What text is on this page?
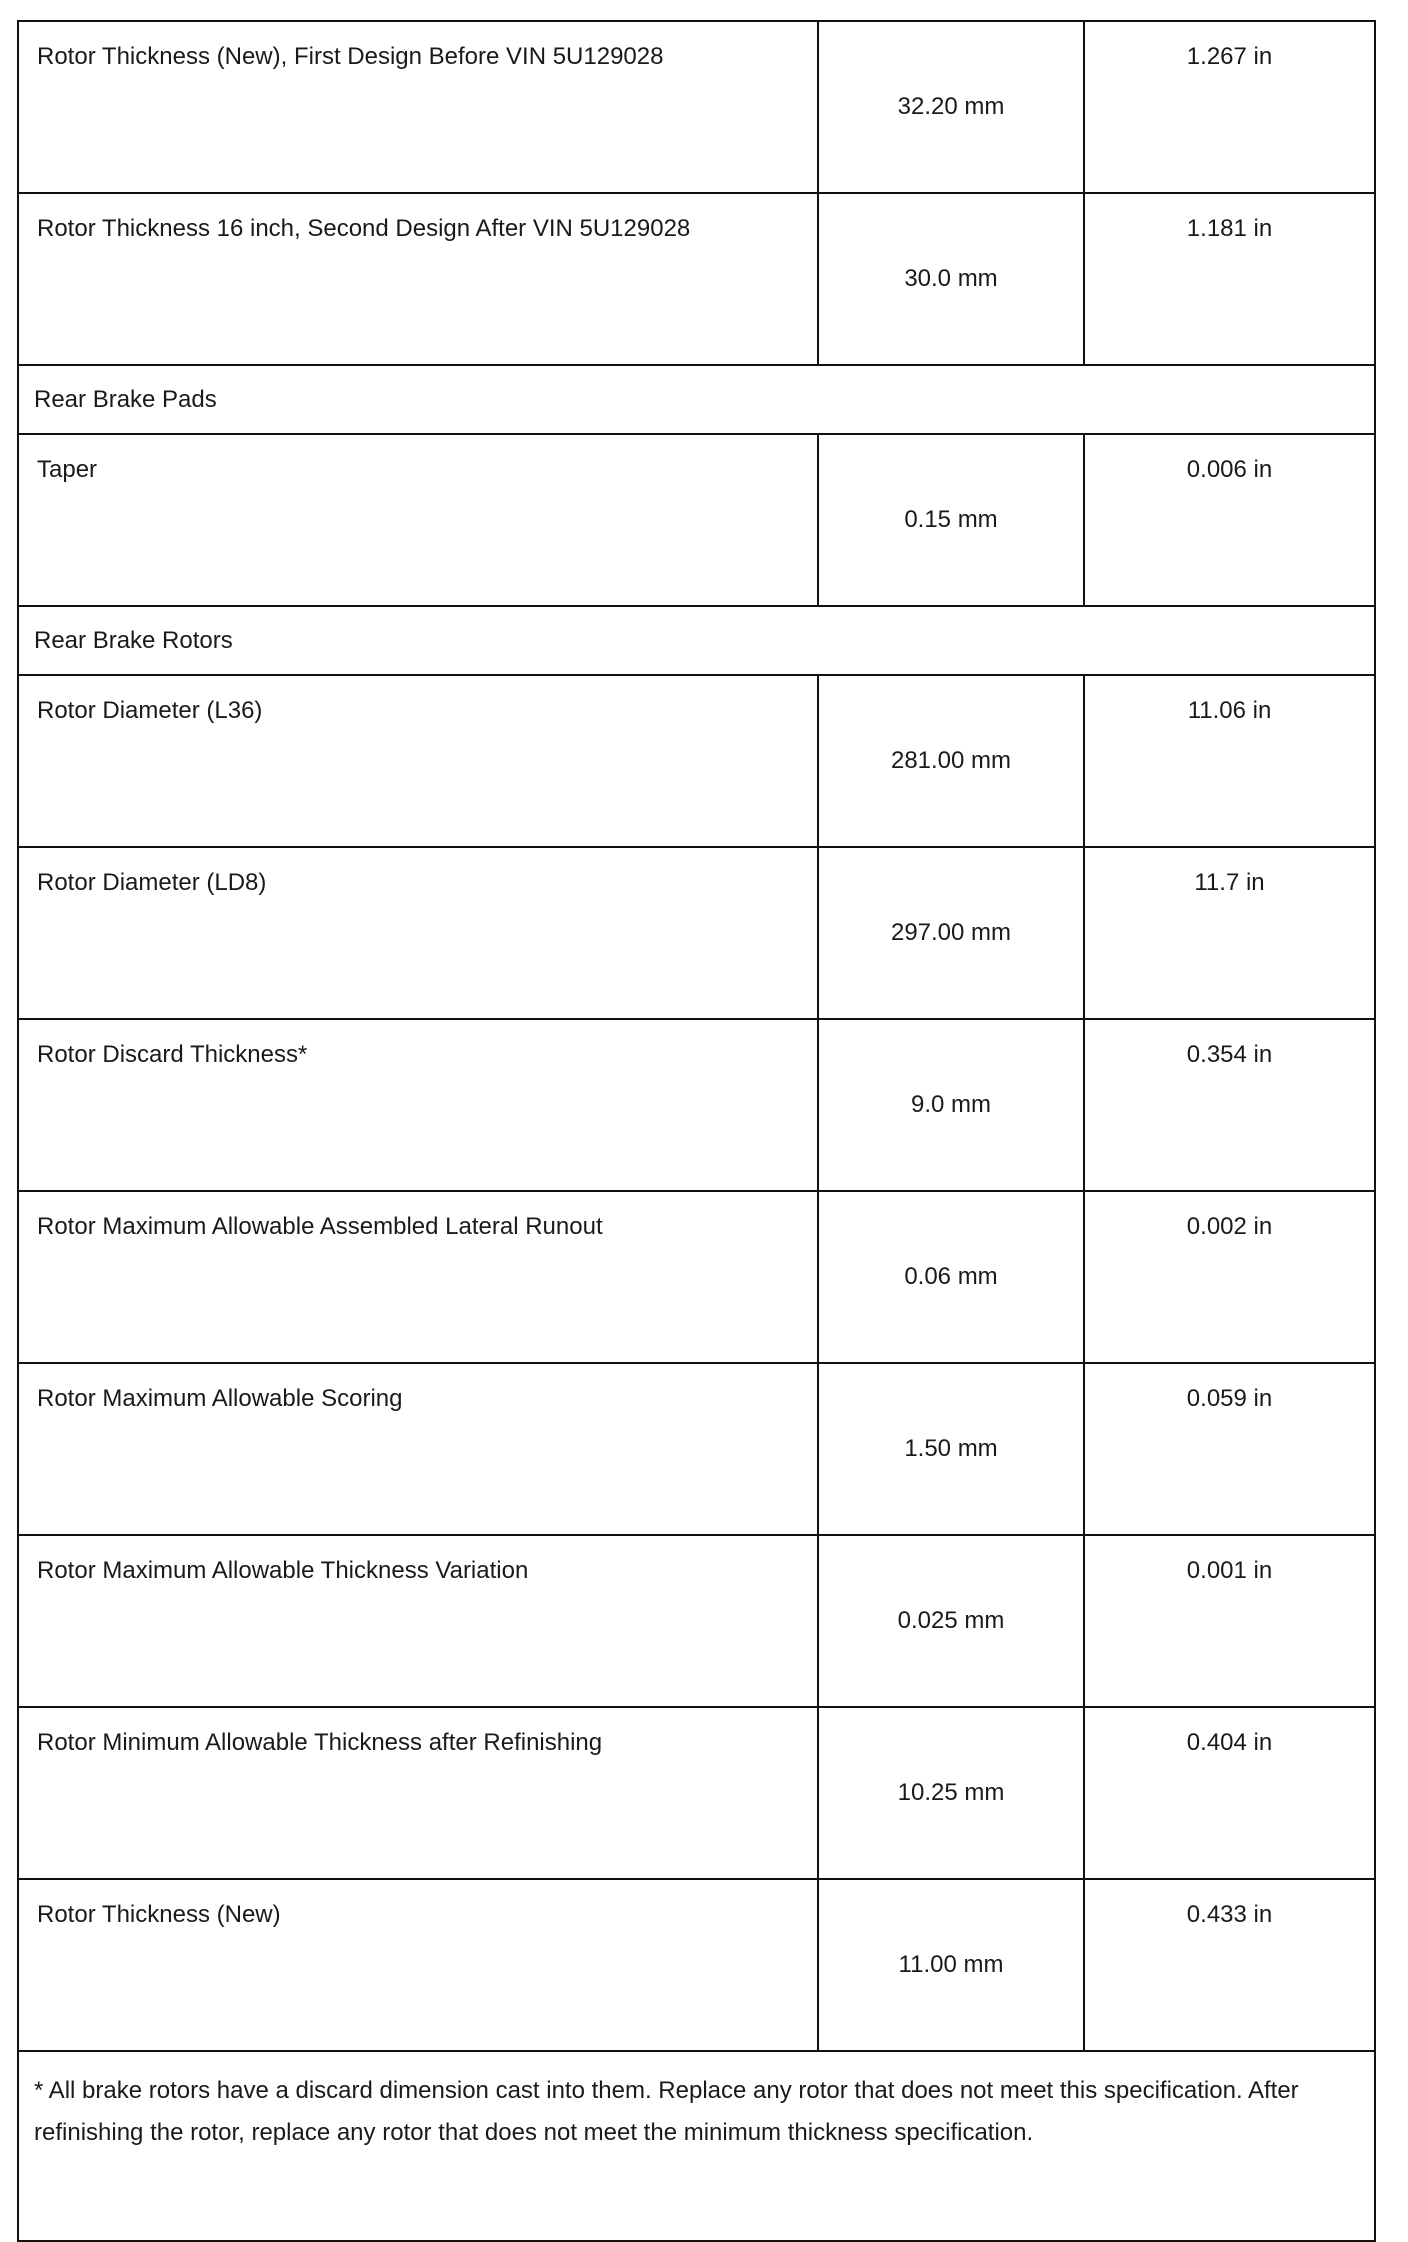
Rotor Thickness (New), First Design Before VIN 5U129028	32.20 mm	1.267 in
Rotor Thickness 16 inch, Second Design After VIN 5U129028	30.0 mm	1.181 in
Rear Brake Pads		
Taper	0.15 mm	0.006 in
Rear Brake Rotors		
Rotor Diameter (L36)	281.00 mm	11.06 in
Rotor Diameter (LD8)	297.00 mm	11.7 in
Rotor Discard Thickness*	9.0 mm	0.354 in
Rotor Maximum Allowable Assembled Lateral Runout	0.06 mm	0.002 in
Rotor Maximum Allowable Scoring	1.50 mm	0.059 in
Rotor Maximum Allowable Thickness Variation	0.025 mm	0.001 in
Rotor Minimum Allowable Thickness after Refinishing	10.25 mm	0.404 in
Rotor Thickness (New)	11.00 mm	0.433 in
* All brake rotors have a discard dimension cast into them. Replace any rotor that does not meet this specification. After refinishing the rotor, replace any rotor that does not meet the minimum thickness specification.		
